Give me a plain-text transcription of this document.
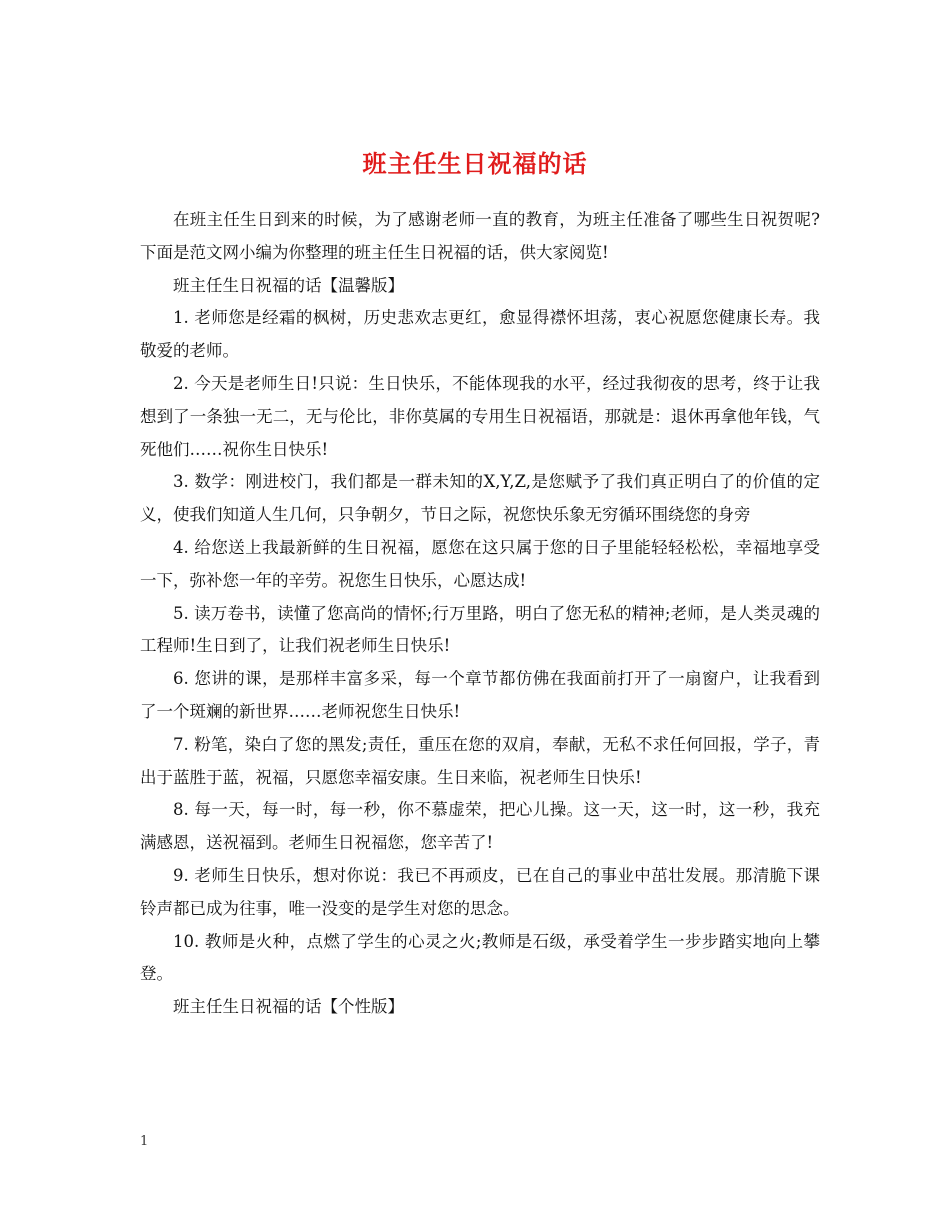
班主任生日祝福的话

在班主任生日到来的时候，为了感谢老师一直的教育，为班主任准备了哪些生日祝贺呢?下面是范文网小编为你整理的班主任生日祝福的话，供大家阅览!

班主任生日祝福的话【温馨版】

1. 老师您是经霜的枫树，历史悲欢志更红，愈显得襟怀坦荡，衷心祝愿您健康长寿。我敬爱的老师。

2. 今天是老师生日!只说：生日快乐，不能体现我的水平，经过我彻夜的思考，终于让我想到了一条独一无二，无与伦比，非你莫属的专用生日祝福语，那就是：退休再拿他年钱，气死他们……祝你生日快乐!

3. 数学：刚进校门，我们都是一群未知的X,Y,Z,是您赋予了我们真正明白了的价值的定义，使我们知道人生几何，只争朝夕，节日之际，祝您快乐象无穷循环围绕您的身旁

4. 给您送上我最新鲜的生日祝福，愿您在这只属于您的日子里能轻轻松松，幸福地享受一下，弥补您一年的辛劳。祝您生日快乐，心愿达成!

5. 读万卷书，读懂了您高尚的情怀;行万里路，明白了您无私的精神;老师，是人类灵魂的工程师!生日到了，让我们祝老师生日快乐!

6. 您讲的课，是那样丰富多采，每一个章节都仿佛在我面前打开了一扇窗户，让我看到了一个斑斓的新世界……老师祝您生日快乐!

7. 粉笔，染白了您的黑发;责任，重压在您的双肩，奉献，无私不求任何回报，学子，青出于蓝胜于蓝，祝福，只愿您幸福安康。生日来临，祝老师生日快乐!

8. 每一天，每一时，每一秒，你不慕虚荣，把心儿操。这一天，这一时，这一秒，我充满感恩，送祝福到。老师生日祝福您，您辛苦了!

9. 老师生日快乐，想对你说：我已不再顽皮，已在自己的事业中茁壮发展。那清脆下课铃声都已成为往事，唯一没变的是学生对您的思念。

10. 教师是火种，点燃了学生的心灵之火;教师是石级，承受着学生一步步踏实地向上攀登。

班主任生日祝福的话【个性版】

1
